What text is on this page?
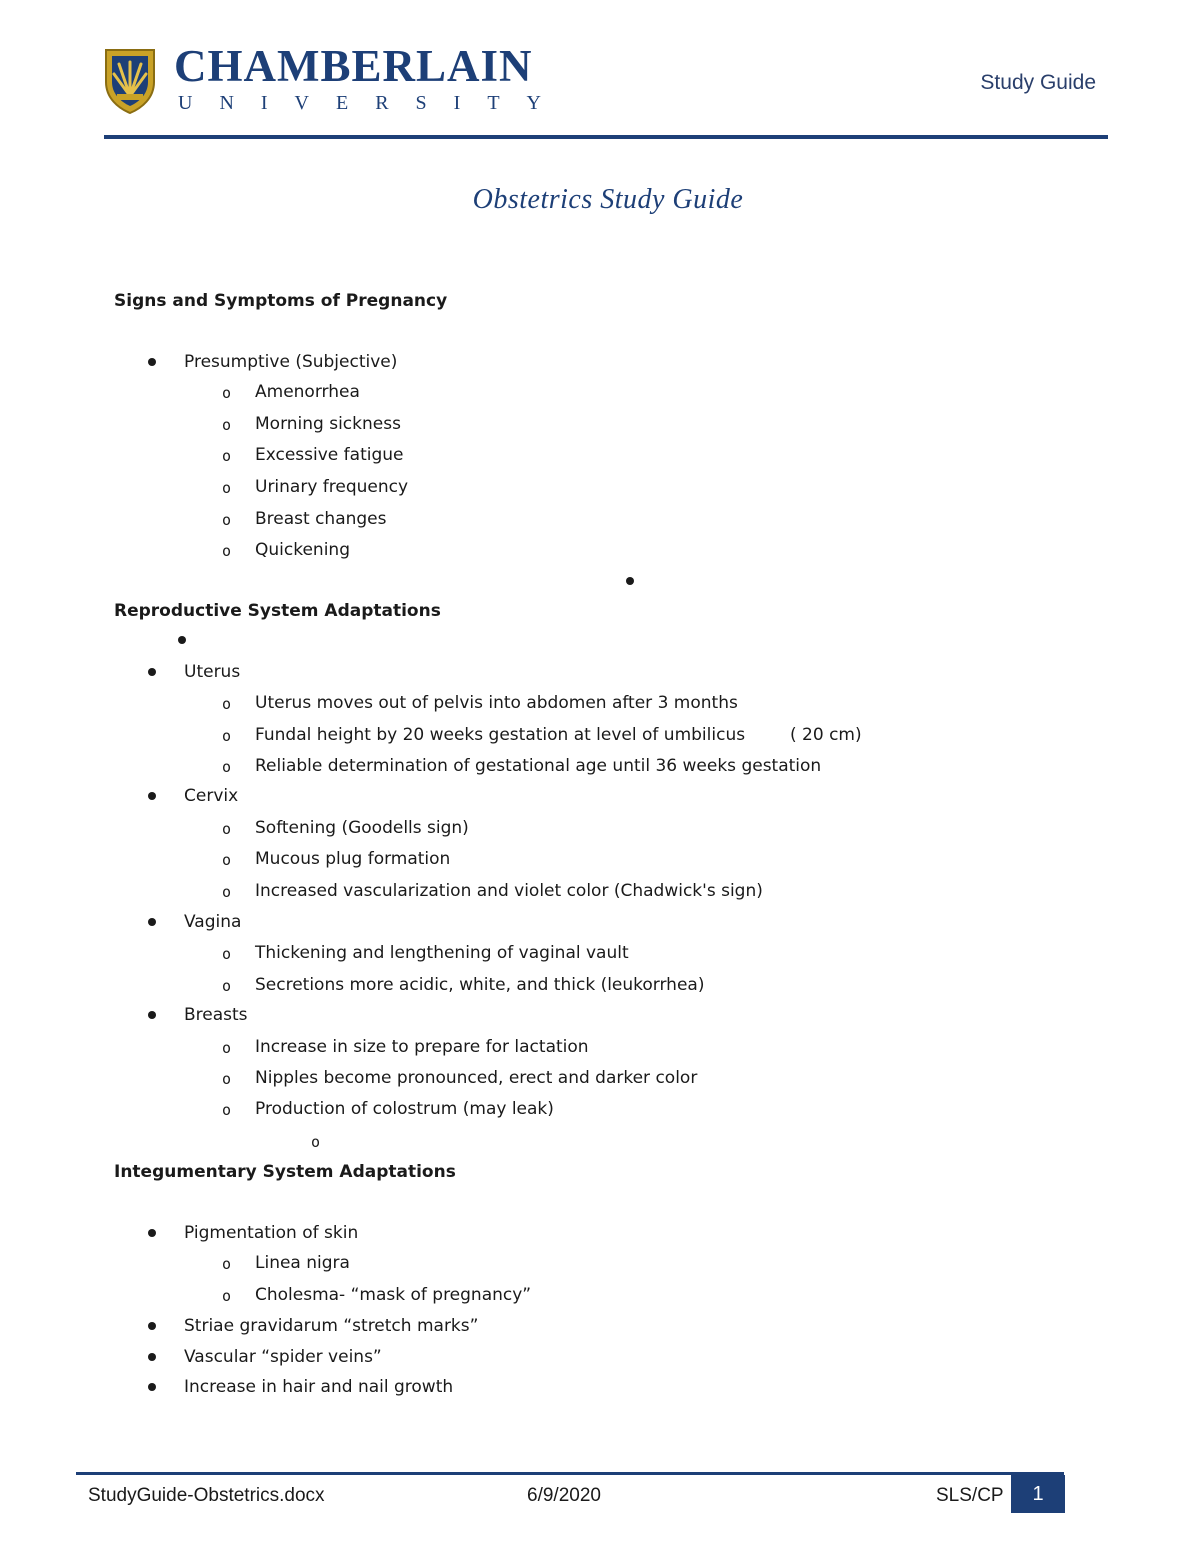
CHAMBERLAIN
UNIVERSITY
Study Guide
Obstetrics Study Guide
Signs and Symptoms of Pregnancy
Presumptive (Subjective)
o Amenorrhea
o Morning sickness
o Excessive fatigue
o Urinary frequency
o Breast changes
o Quickening
Reproductive System Adaptations
Uterus
o Uterus moves out of pelvis into abdomen after 3 months
o Fundal height by 20 weeks gestation at level of umbilicus	( 20 cm)
o Reliable determination of gestational age until 36 weeks gestation
Cervix
o Softening (Goodells sign)
o Mucous plug formation
o Increased vascularization and violet color (Chadwick's sign)
Vagina
o Thickening and lengthening of vaginal vault
o Secretions more acidic, white, and thick (leukorrhea)
Breasts
o Increase in size to prepare for lactation
o Nipples become pronounced, erect and darker color
o Production of colostrum (may leak)
o
Integumentary System Adaptations
Pigmentation of skin
o Linea nigra
o Cholesma- “mask of pregnancy”
Striae gravidarum “stretch marks”
Vascular “spider veins”
Increase in hair and nail growth
StudyGuide-Obstetrics.docx	6/9/2020	SLS/CP	1
